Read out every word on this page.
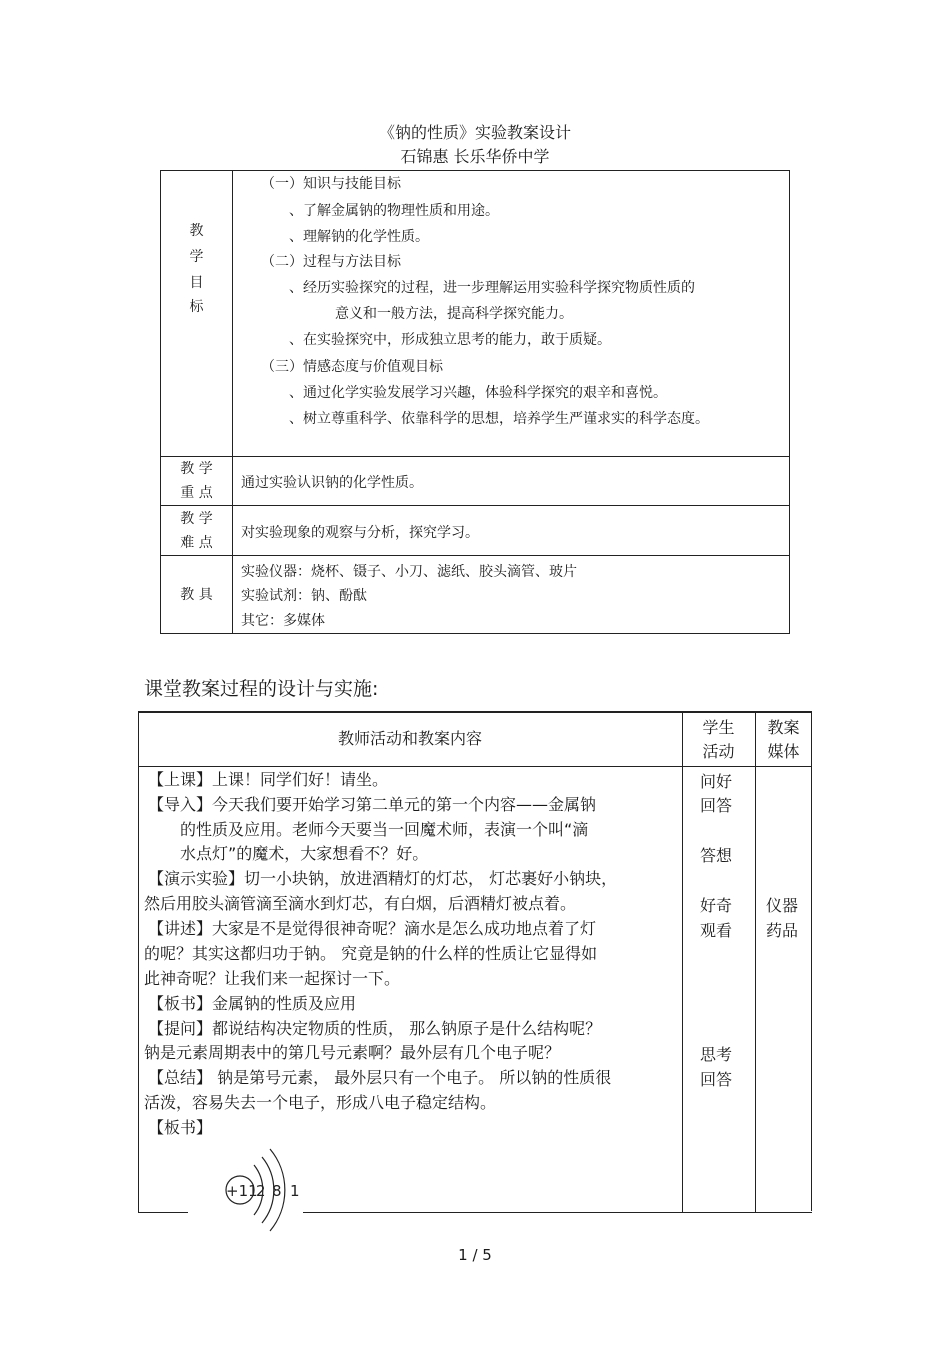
《钠的性质》实验教案设计
石锦惠 长乐华侨中学
教
学
目
标
（一）知识与技能目标
、了解金属钠的物理性质和用途。
、理解钠的化学性质。
（二）过程与方法目标
、经历实验探究的过程，进一步理解运用实验科学探究物质性质的
意义和一般方法，提高科学探究能力。
、在实验探究中，形成独立思考的能力，敢于质疑。
（三）情感态度与价值观目标
、通过化学实验发展学习兴趣，体验科学探究的艰辛和喜悦。
、树立尊重科学、依靠科学的思想，培养学生严谨求实的科学态度。
教 学
重 点
通过实验认识钠的化学性质。
教 学
难 点
对实验现象的观察与分析，探究学习。
教 具
实验仪器：烧杯、镊子、小刀、滤纸、胶头滴管、玻片
实验试剂：钠、酚酞
其它：多媒体
课堂教案过程的设计与实施:
教师活动和教案内容
学生
活动
教案
媒体
【上课】上课！同学们好！请坐。
【导入】今天我们要开始学习第二单元的第一个内容——金属钠
的性质及应用。老师今天要当一回魔术师，表演一个叫“滴
水点灯”的魔术，大家想看不？好。
【演示实验】切一小块钠，放进酒精灯的灯芯， 灯芯裹好小钠块，
然后用胶头滴管滴至滴水到灯芯，有白烟，后酒精灯被点着。
【讲述】大家是不是觉得很神奇呢？滴水是怎么成功地点着了灯
的呢？其实这都归功于钠。 究竟是钠的什么样的性质让它显得如
此神奇呢？让我们来一起探讨一下。
【板书】金属钠的性质及应用
【提问】都说结构决定物质的性质， 那么钠原子是什么结构呢？
钠是元素周期表中的第几号元素啊？最外层有几个电子呢？
【总结】 钠是第号元素， 最外层只有一个电子。 所以钠的性质很
活泼，容易失去一个电子，形成八电子稳定结构。
【板书】
问好
回答
答想
好奇
观看
思考
回答
仪器
药品
+11
2 8 1
1 / 5
